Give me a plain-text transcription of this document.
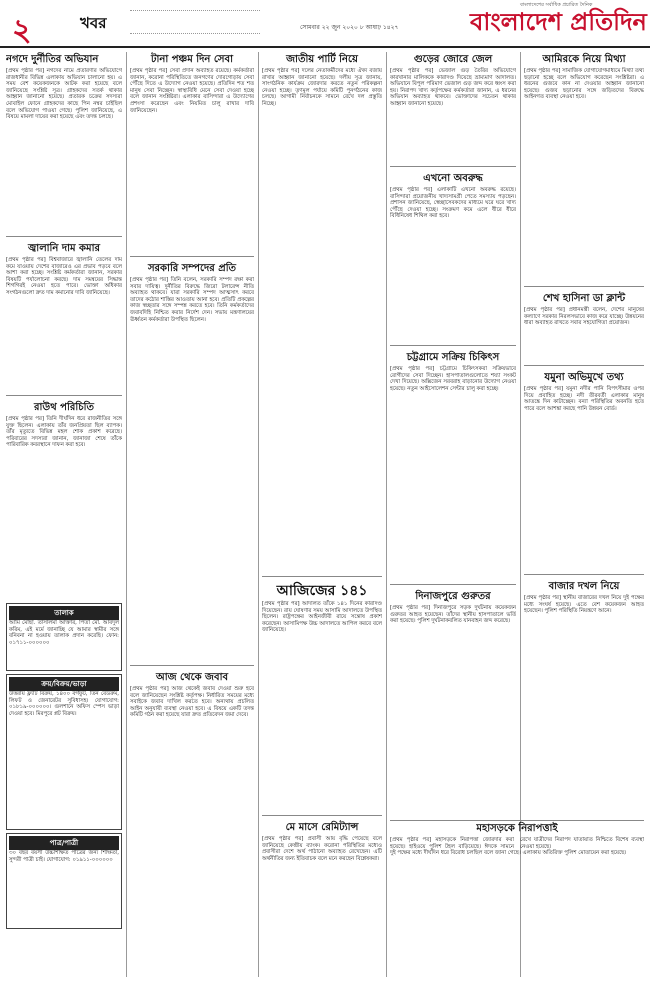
২	খবর	সোমবার ২২ জুন ২০২০ ৮ আষাঢ় ১৪২৭
বাংলাদেশের সর্বাধিক প্রচারিত দৈনিক
বাংলাদেশ প্রতিদিন
নগদে দুর্নীতির অভিযান

[প্রথম পৃষ্ঠার পর] নগদের নামে প্রতারণার অভিযোগে রাজধানীর বিভিন্ন এলাকায় অভিযান চালানো হয়। এ সময় বেশ কয়েকজনকে আটক করা হয়েছে বলে জানিয়েছে সংশ্লিষ্ট সূত্র। গ্রাহকদের সতর্ক থাকার আহ্বান জানানো হয়েছে। প্রতারক চক্রের সদস্যরা মোবাইল ফোনে গ্রাহকদের কাছে পিন নম্বর চাইছিল বলে অভিযোগ পাওয়া গেছে। পুলিশ জানিয়েছে, এ বিষয়ে মামলা দায়ের করা হয়েছে এবং তদন্ত চলছে।

জ্বালানি দাম কমার

[প্রথম পৃষ্ঠার পর] বিশ্ববাজারে জ্বালানি তেলের দাম কমে যাওয়ায় দেশের বাজারেও এর প্রভাব পড়বে বলে আশা করা হচ্ছে। সংশ্লিষ্ট কর্মকর্তারা জানান, সরকার বিষয়টি পর্যালোচনা করছে। দাম সমন্বয়ের সিদ্ধান্ত শিগগিরই নেওয়া হতে পারে। ভোক্তা অধিকার সংগঠনগুলো দ্রুত দাম কমানোর দাবি জানিয়েছে।

রাউথ পরিচিতি

[প্রথম পৃষ্ঠার পর] তিনি দীর্ঘদিন ধরে রাজনীতির সঙ্গে যুক্ত ছিলেন। এলাকায় তাঁর জনপ্রিয়তা ছিল ব্যাপক। তাঁর মৃত্যুতে বিভিন্ন মহল শোক প্রকাশ করেছে। পরিবারের সদস্যরা জানান, জানাজা শেষে তাঁকে পারিবারিক কবরস্থানে দাফন করা হবে।

তালাক

আমি মোছা. তাসলিমা আক্তার, পিতা মো. আবদুল করিম, এই মর্মে জানাচ্ছি যে আমার স্বামীর সঙ্গে বনিবনা না হওয়ায় তালাক প্রদান করেছি। ফোন: ০১৭১১-০০০০০০

ক্রয়/বিক্রয়/ভাড়া

উত্তরায় ফ্ল্যাট বিক্রয়, ১৪০০ বর্গফুট, তিন বেডরুম, লিফট ও জেনারেটর সুবিধাসহ। যোগাযোগ: ০১৮১৯-০০০০০০। গুলশানে অফিস স্পেস ভাড়া দেওয়া হবে। মিরপুরে প্লট বিক্রয়।

পাত্র/পাত্রী

৩০ বছর বয়সী উচ্চশিক্ষিত পাত্রের জন্য শিক্ষিতা, সুন্দরী পাত্রী চাই। যোগাযোগ: ০১৯১১-০০০০০০

টানা পঞ্চম দিন সেবা

[প্রথম পৃষ্ঠার পর] সেবা প্রদান অব্যাহত রয়েছে। কর্মকর্তারা জানান, করোনা পরিস্থিতিতে জনগণের দোরগোড়ায় সেবা পৌঁছে দিতে এ উদ্যোগ নেওয়া হয়েছে। প্রতিদিন শত শত মানুষ সেবা নিচ্ছেন। স্বাস্থ্যবিধি মেনে সেবা দেওয়া হচ্ছে বলে জানান সংশ্লিষ্টরা। এলাকার বাসিন্দারা এ উদ্যোগের প্রশংসা করেছেন এবং নিয়মিত চালু রাখার দাবি জানিয়েছেন।

সরকারি সম্পদের প্রতি

[প্রথম পৃষ্ঠার পর] তিনি বলেন, সরকারি সম্পদ রক্ষা করা সবার দায়িত্ব। দুর্নীতির বিরুদ্ধে জিরো টলারেন্স নীতি অব্যাহত থাকবে। যারা সরকারি সম্পদ আত্মসাৎ করবে তাদের কঠোর শাস্তির আওতায় আনা হবে। প্রতিটি প্রকল্পের কাজ স্বচ্ছতার সঙ্গে সম্পন্ন করতে হবে। তিনি কর্মকর্তাদের জবাবদিহি নিশ্চিত করার নির্দেশ দেন। সভায় মন্ত্রণালয়ের ঊর্ধ্বতন কর্মকর্তারা উপস্থিত ছিলেন।

আজ থেকে জবাব

[প্রথম পৃষ্ঠার পর] আজ থেকেই জবাব দেওয়া শুরু হবে বলে জানিয়েছেন সংশ্লিষ্ট কর্তৃপক্ষ। নির্ধারিত সময়ের মধ্যে সবাইকে জবাব দাখিল করতে হবে। অন্যথায় প্রচলিত আইন অনুযায়ী ব্যবস্থা নেওয়া হবে। এ বিষয়ে একটি তদন্ত কমিটি গঠন করা হয়েছে যারা দ্রুত প্রতিবেদন জমা দেবে।

জাতীয় পার্টি নিয়ে

[প্রথম পৃষ্ঠার পর] দলের নেতাকর্মীদের মধ্যে ঐক্য বজায় রাখার আহ্বান জানানো হয়েছে। দলীয় সূত্র জানায়, সাংগঠনিক কার্যক্রম জোরদার করতে নতুন পরিকল্পনা নেওয়া হচ্ছে। তৃণমূল পর্যায়ে কমিটি পুনর্গঠনের কাজ চলছে। আগামী নির্বাচনকে সামনে রেখে দল প্রস্তুতি নিচ্ছে।

আজিজের ১৪১

[প্রথম পৃষ্ঠার পর] আদালত তাঁকে ১৪১ দিনের কারাদণ্ড দিয়েছেন। রায় ঘোষণার সময় আসামি আদালতে উপস্থিত ছিলেন। রাষ্ট্রপক্ষের আইনজীবী রায়ে সন্তোষ প্রকাশ করেছেন। আসামিপক্ষ উচ্চ আদালতে আপিল করবে বলে জানিয়েছে।

মে মাসে রেমিট্যান্স

[প্রথম পৃষ্ঠার পর] প্রবাসী আয় বৃদ্ধি পেয়েছে বলে জানিয়েছে কেন্দ্রীয় ব্যাংক। করোনা পরিস্থিতির মধ্যেও প্রবাসীরা দেশে অর্থ পাঠানো অব্যাহত রেখেছেন। এটি অর্থনীতির জন্য ইতিবাচক বলে মনে করছেন বিশ্লেষকরা।

গুড়ের জোরে জেল

[প্রথম পৃষ্ঠার পর] ভেজাল গুড় তৈরির অভিযোগে কারখানার মালিককে কারাদণ্ড দিয়েছে ভ্রাম্যমাণ আদালত। অভিযানে বিপুল পরিমাণ ভেজাল গুড় জব্দ করে ধ্বংস করা হয়। নিরাপদ খাদ্য কর্তৃপক্ষের কর্মকর্তারা জানান, এ ধরনের অভিযান অব্যাহত থাকবে। ভোক্তাদের সচেতন থাকার আহ্বান জানানো হয়েছে।

এখনো অবরুদ্ধ

[প্রথম পৃষ্ঠার পর] এলাকাটি এখনো অবরুদ্ধ রয়েছে। বাসিন্দারা প্রয়োজনীয় খাদ্যসামগ্রী পেতে সমস্যায় পড়ছেন। প্রশাসন জানিয়েছে, স্বেচ্ছাসেবকদের মাধ্যমে ঘরে ঘরে খাদ্য পৌঁছে দেওয়া হচ্ছে। সংক্রমণ কমে এলে ধীরে ধীরে বিধিনিষেধ শিথিল করা হবে।

চট্টগ্রামে সক্রিয় চিকিৎস

[প্রথম পৃষ্ঠার পর] চট্টগ্রামে চিকিৎসকরা সক্রিয়ভাবে রোগীদের সেবা দিচ্ছেন। হাসপাতালগুলোতে শয্যা সংকট দেখা দিয়েছে। অক্সিজেন সরবরাহ বাড়ানোর উদ্যোগ নেওয়া হয়েছে। নতুন আইসোলেশন সেন্টার চালু করা হচ্ছে।

দিনাজপুরে গুরুতর

[প্রথম পৃষ্ঠার পর] দিনাজপুরে সড়ক দুর্ঘটনায় কয়েকজন গুরুতর আহত হয়েছেন। তাঁদের স্থানীয় হাসপাতালে ভর্তি করা হয়েছে। পুলিশ দুর্ঘটনাকবলিত যানবাহন জব্দ করেছে।

আমিরকে নিয়ে মিথ্যা

[প্রথম পৃষ্ঠার পর] সামাজিক যোগাযোগমাধ্যমে মিথ্যা তথ্য ছড়ানো হচ্ছে বলে অভিযোগ করেছেন সংশ্লিষ্টরা। এ ধরনের গুজবে কান না দেওয়ার আহ্বান জানানো হয়েছে। গুজব ছড়ানোর সঙ্গে জড়িতদের বিরুদ্ধে আইনগত ব্যবস্থা নেওয়া হবে।

শেখ হাসিনা ডা ক্লান্ট

[প্রথম পৃষ্ঠার পর] প্রধানমন্ত্রী বলেন, দেশের মানুষের কল্যাণে সরকার নিরলসভাবে কাজ করে যাচ্ছে। উন্নয়নের ধারা অব্যাহত রাখতে সবার সহযোগিতা প্রয়োজন।

যমুনা অভিমুখে তথ্য

[প্রথম পৃষ্ঠার পর] যমুনা নদীর পানি বিপৎসীমার ওপর দিয়ে প্রবাহিত হচ্ছে। নদী তীরবর্তী এলাকার মানুষ আতঙ্কে দিন কাটাচ্ছেন। বন্যা পরিস্থিতির অবনতি হতে পারে বলে আশঙ্কা করছে পানি উন্নয়ন বোর্ড।

বাজার দখল নিয়ে

[প্রথম পৃষ্ঠার পর] স্থানীয় বাজারের দখল নিয়ে দুই পক্ষের মধ্যে সংঘর্ষ হয়েছে। এতে বেশ কয়েকজন আহত হয়েছেন। পুলিশ পরিস্থিতি নিয়ন্ত্রণে আনে।

মহাসড়কে নিরাপত্তাই

[প্রথম পৃষ্ঠার পর] মহাসড়কে নিরাপত্তা জোরদার করা হয়েছে। হাইওয়ে পুলিশ টহল বাড়িয়েছে। ঈদকে সামনে রেখে যাত্রীদের নিরাপদ যাতায়াত নিশ্চিতে বিশেষ ব্যবস্থা নেওয়া হয়েছে।

দুই পক্ষের মধ্যে দীর্ঘদিন ধরে বিরোধ চলছিল বলে জানা গেছে। এলাকায় অতিরিক্ত পুলিশ মোতায়েন করা হয়েছে।
